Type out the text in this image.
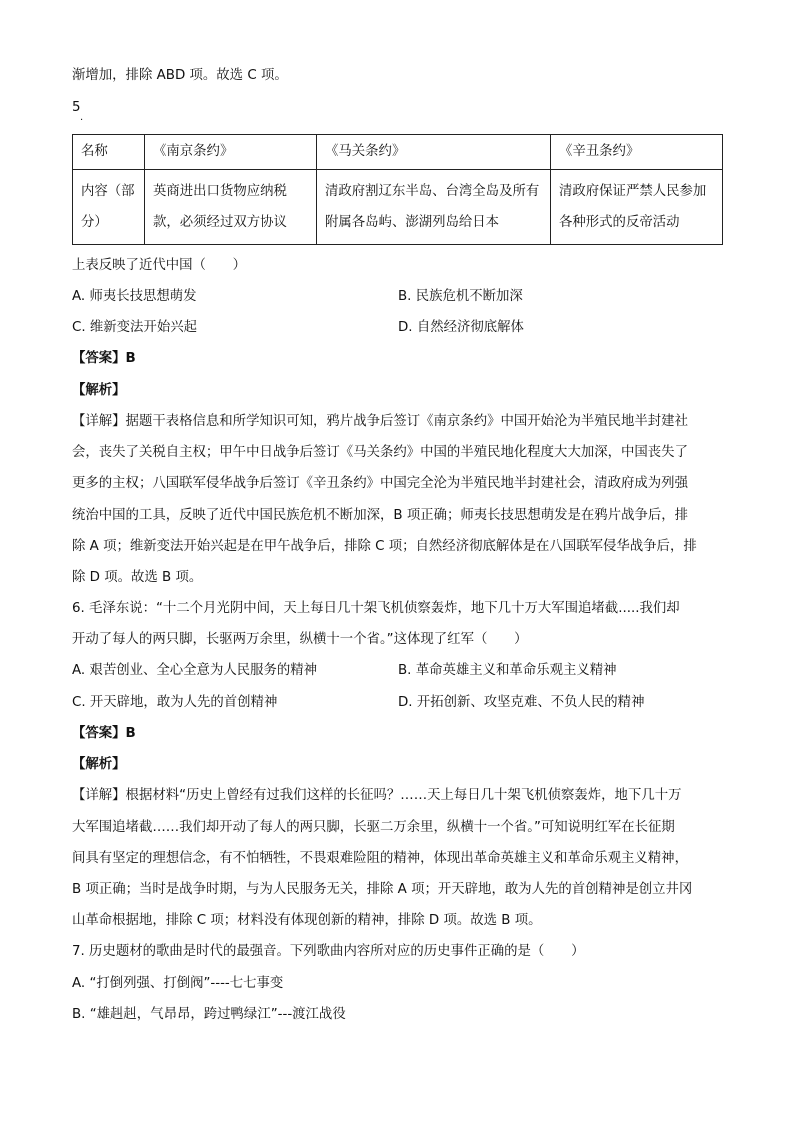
渐增加，排除 ABD 项。故选 C 项。
5
.
名称	《南京条约》	《马关条约》	《辛丑条约》
内容（部分）	英商进出口货物应纳税款，必须经过双方协议	清政府割辽东半岛、台湾全岛及所有附属各岛屿、澎湖列岛给日本	清政府保证严禁人民参加各种形式的反帝活动
上表反映了近代中国（　　）
A. 师夷长技思想萌发	B. 民族危机不断加深
C. 维新变法开始兴起	D. 自然经济彻底解体
【答案】B
【解析】
【详解】据题干表格信息和所学知识可知，鸦片战争后签订《南京条约》中国开始沦为半殖民地半封建社
会，丧失了关税自主权；甲午中日战争后签订《马关条约》中国的半殖民地化程度大大加深，中国丧失了
更多的主权；八国联军侵华战争后签订《辛丑条约》中国完全沦为半殖民地半封建社会，清政府成为列强
统治中国的工具，反映了近代中国民族危机不断加深，B 项正确；师夷长技思想萌发是在鸦片战争后，排
除 A 项；维新变法开始兴起是在甲午战争后，排除 C 项；自然经济彻底解体是在八国联军侵华战争后，排
除 D 项。故选 B 项。
6. 毛泽东说：“十二个月光阴中间，天上每日几十架飞机侦察轰炸，地下几十万大军围追堵截.....我们却
开动了每人的两只脚，长驱两万余里，纵横十一个省。”这体现了红军（　　）
A. 艰苦创业、全心全意为人民服务的精神	B. 革命英雄主义和革命乐观主义精神
C. 开天辟地，敢为人先的首创精神	D. 开拓创新、攻坚克难、不负人民的精神
【答案】B
【解析】
【详解】根据材料“历史上曾经有过我们这样的长征吗？……天上每日几十架飞机侦察轰炸，地下几十万
大军围追堵截……我们却开动了每人的两只脚，长驱二万余里，纵横十一个省。”可知说明红军在长征期
间具有坚定的理想信念，有不怕牺牲，不畏艰难险阻的精神，体现出革命英雄主义和革命乐观主义精神，
B 项正确；当时是战争时期，与为人民服务无关，排除 A 项；开天辟地，敢为人先的首创精神是创立井冈
山革命根据地，排除 C 项；材料没有体现创新的精神，排除 D 项。故选 B 项。
7. 历史题材的歌曲是时代的最强音。下列歌曲内容所对应的历史事件正确的是（　　）
A. “打倒列强、打倒阀”----七七事变
B. “雄赳赳，气昂昂，跨过鸭绿江”---渡江战役
